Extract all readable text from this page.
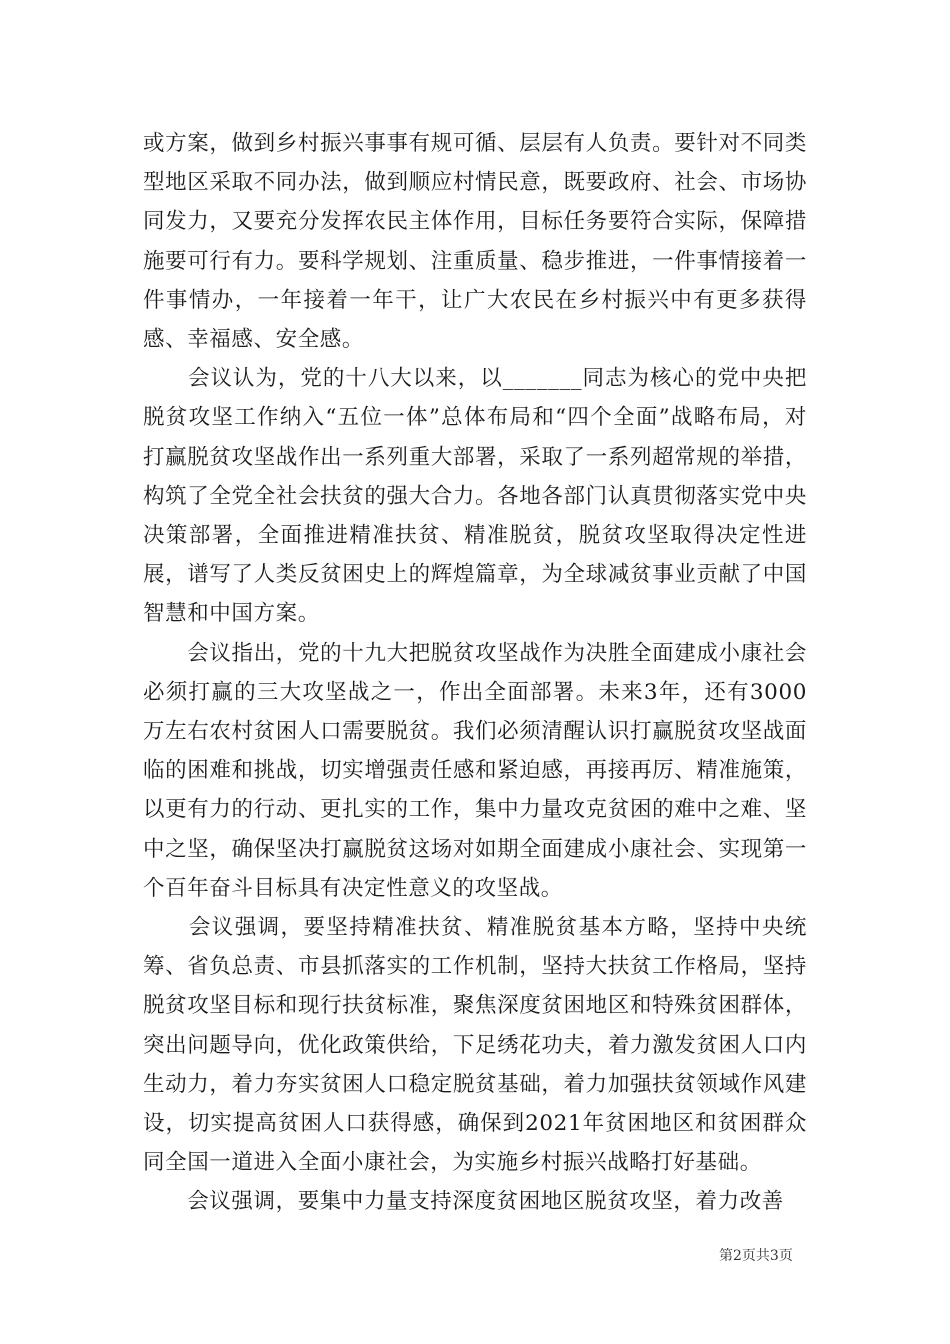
或方案，做到乡村振兴事事有规可循、层层有人负责。要针对不同类型地区采取不同办法，做到顺应村情民意，既要政府、社会、市场协同发力，又要充分发挥农民主体作用，目标任务要符合实际，保障措施要可行有力。要科学规划、注重质量、稳步推进，一件事情接着一件事情办，一年接着一年干，让广大农民在乡村振兴中有更多获得感、幸福感、安全感。

　　会议认为，党的十八大以来，以_______同志为核心的党中央把脱贫攻坚工作纳入“五位一体”总体布局和“四个全面”战略布局，对打赢脱贫攻坚战作出一系列重大部署，采取了一系列超常规的举措，构筑了全党全社会扶贫的强大合力。各地各部门认真贯彻落实党中央决策部署，全面推进精准扶贫、精准脱贫，脱贫攻坚取得决定性进展，谱写了人类反贫困史上的辉煌篇章，为全球减贫事业贡献了中国智慧和中国方案。

　　会议指出，党的十九大把脱贫攻坚战作为决胜全面建成小康社会必须打赢的三大攻坚战之一，作出全面部署。未来3年，还有3000万左右农村贫困人口需要脱贫。我们必须清醒认识打赢脱贫攻坚战面临的困难和挑战，切实增强责任感和紧迫感，再接再厉、精准施策，以更有力的行动、更扎实的工作，集中力量攻克贫困的难中之难、坚中之坚，确保坚决打赢脱贫这场对如期全面建成小康社会、实现第一个百年奋斗目标具有决定性意义的攻坚战。

　　会议强调，要坚持精准扶贫、精准脱贫基本方略，坚持中央统筹、省负总责、市县抓落实的工作机制，坚持大扶贫工作格局，坚持脱贫攻坚目标和现行扶贫标准，聚焦深度贫困地区和特殊贫困群体，突出问题导向，优化政策供给，下足绣花功夫，着力激发贫困人口内生动力，着力夯实贫困人口稳定脱贫基础，着力加强扶贫领域作风建设，切实提高贫困人口获得感，确保到2021年贫困地区和贫困群众同全国一道进入全面小康社会，为实施乡村振兴战略打好基础。

　　会议强调，要集中力量支持深度贫困地区脱贫攻坚，着力改善

第2页共3页
